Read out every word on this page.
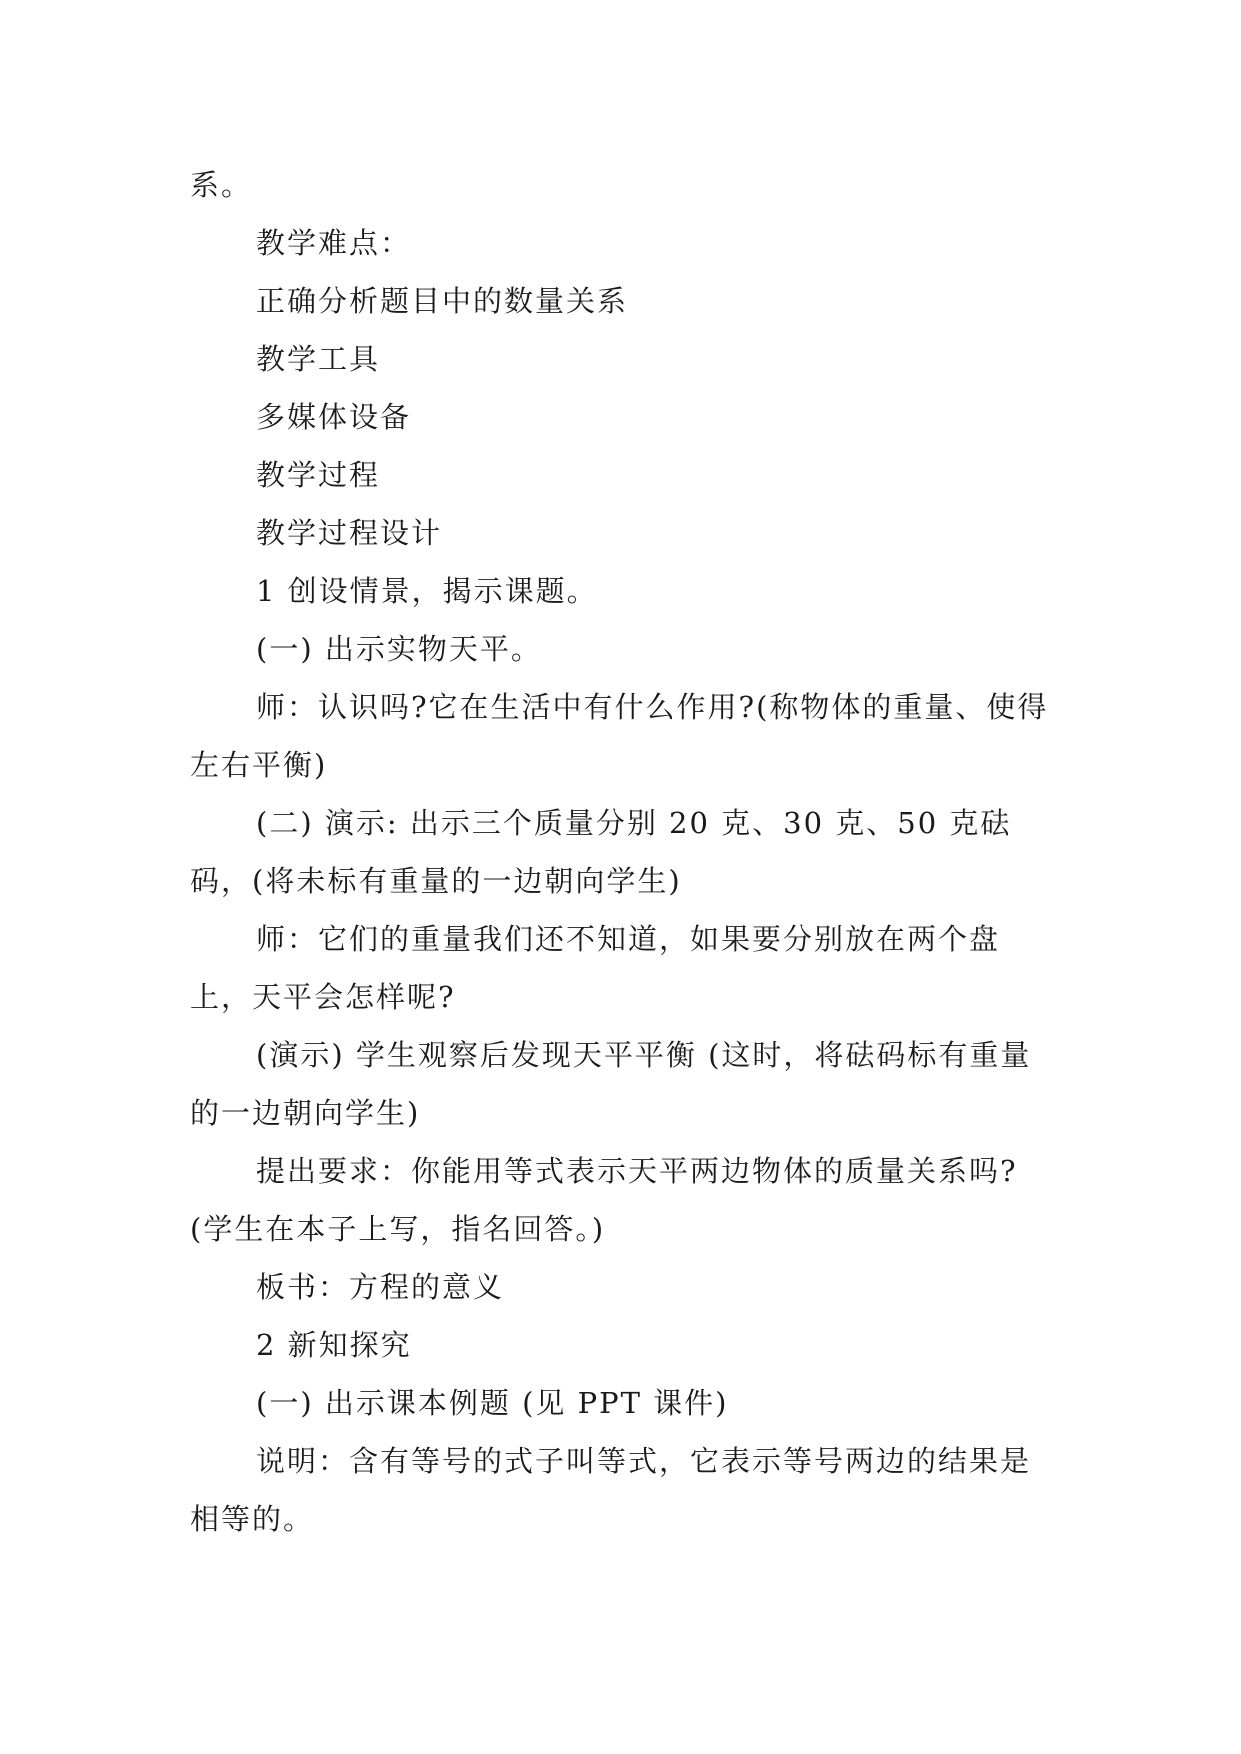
系。

教学难点：

正确分析题目中的数量关系

教学工具

多媒体设备

教学过程

教学过程设计

1 创设情景，揭示课题。

(一) 出示实物天平。

师：认识吗?它在生活中有什么作用?(称物体的重量、使得左右平衡)

(二) 演示: 出示三个质量分别 20 克、30 克、50 克砝码，(将未标有重量的一边朝向学生)

师：它们的重量我们还不知道，如果要分别放在两个盘上，天平会怎样呢?

(演示) 学生观察后发现天平平衡 (这时，将砝码标有重量的一边朝向学生)

提出要求：你能用等式表示天平两边物体的质量关系吗?(学生在本子上写，指名回答。)

板书：方程的意义

2 新知探究

(一) 出示课本例题 (见 PPT 课件)

说明：含有等号的式子叫等式，它表示等号两边的结果是相等的。
